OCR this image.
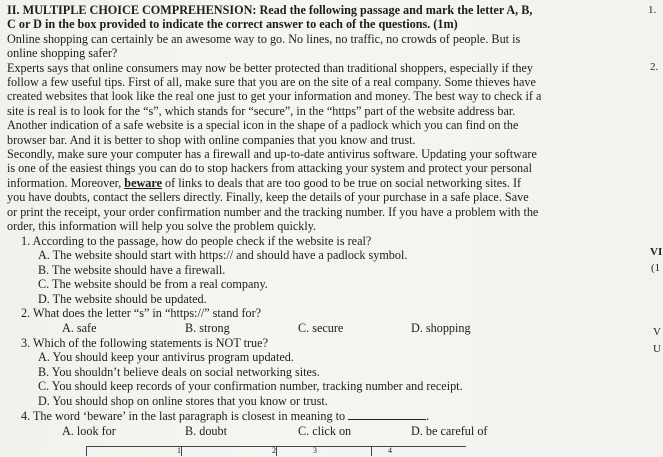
II. MULTIPLE CHOICE COMPREHENSION: Read the following passage and mark the letter A, B,
C or D in the box provided to indicate the correct answer to each of the questions. (1m)
Online shopping can certainly be an awesome way to go. No lines, no traffic, no crowds of people. But is
online shopping safer?
Experts says that online consumers may now be better protected than traditional shoppers, especially if they
follow a few useful tips. First of all, make sure that you are on the site of a real company. Some thieves have
created websites that look like the real one just to get your information and money. The best way to check if a
site is real is to look for the “s”, which stands for “secure”, in the “https” part of the website address bar.
Another indication of a safe website is a special icon in the shape of a padlock which you can find on the
browser bar. And it is better to shop with online companies that you know and trust.
Secondly, make sure your computer has a firewall and up-to-date antivirus software. Updating your software
is one of the easiest things you can do to stop hackers from attacking your system and protect your personal
information. Moreover, beware of links to deals that are too good to be true on social networking sites. If
you have doubts, contact the sellers directly. Finally, keep the details of your purchase in a safe place. Save
or print the receipt, your order confirmation number and the tracking number. If you have a problem with the
order, this information will help you solve the problem quickly.
1. According to the passage, how do people check if the website is real?
A. The website should start with https:// and should have a padlock symbol.
B. The website should have a firewall.
C. The website should be from a real company.
D. The website should be updated.
2. What does the letter “s” in “https://” stand for?
A. safe	B. strong	C. secure	D. shopping
3. Which of the following statements is NOT true?
A. You should keep your antivirus program updated.
B. You shouldn’t believe deals on social networking sites.
C. You should keep records of your confirmation number, tracking number and receipt.
D. You should shop on online stores that you know or trust.
4. The word ‘beware’ in the last paragraph is closest in meaning to	.
A. look for	B. doubt	C. click on	D. be careful of
1	2	3	4
1.
2.
VI
(1
V
U
